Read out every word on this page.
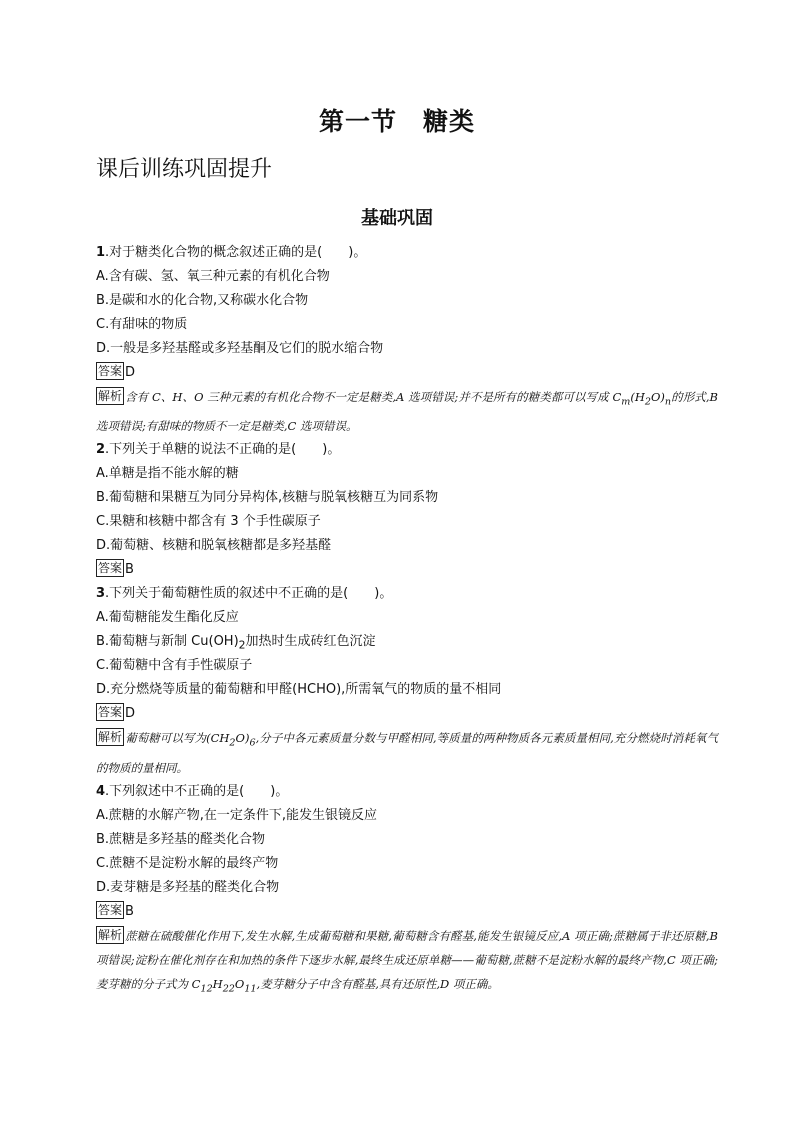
第一节　糖类
课后训练巩固提升
基础巩固
1.对于糖类化合物的概念叙述正确的是(　　)。
A.含有碳、氢、氧三种元素的有机化合物
B.是碳和水的化合物,又称碳水化合物
C.有甜味的物质
D.一般是多羟基醛或多羟基酮及它们的脱水缩合物
答案 D
解析 含有 C、H、O 三种元素的有机化合物不一定是糖类,A 选项错误;并不是所有的糖类都可以写成 $C_m(H_2O)_n$的形式,B 选项错误;有甜味的物质不一定是糖类,C 选项错误。
2.下列关于单糖的说法不正确的是(　　)。
A.单糖是指不能水解的糖
B.葡萄糖和果糖互为同分异构体,核糖与脱氧核糖互为同系物
C.果糖和核糖中都含有 3 个手性碳原子
D.葡萄糖、核糖和脱氧核糖都是多羟基醛
答案 B
3.下列关于葡萄糖性质的叙述中不正确的是(　　)。
A.葡萄糖能发生酯化反应
B.葡萄糖与新制 $Cu(OH)_2$加热时生成砖红色沉淀
C.葡萄糖中含有手性碳原子
D.充分燃烧等质量的葡萄糖和甲醛(HCHO),所需氧气的物质的量不相同
答案 D
解析 葡萄糖可以写为$(CH_2O)_6$,分子中各元素质量分数与甲醛相同,等质量的两种物质各元素质量相同,充分燃烧时消耗氧气的物质的量相同。
4.下列叙述中不正确的是(　　)。
A.蔗糖的水解产物,在一定条件下,能发生银镜反应
B.蔗糖是多羟基的醛类化合物
C.蔗糖不是淀粉水解的最终产物
D.麦芽糖是多羟基的醛类化合物
答案 B
解析 蔗糖在硫酸催化作用下,发生水解,生成葡萄糖和果糖,葡萄糖含有醛基,能发生银镜反应,A 项正确;蔗糖属于非还原糖,B 项错误;淀粉在催化剂存在和加热的条件下逐步水解,最终生成还原单糖——葡萄糖,蔗糖不是淀粉水解的最终产物,C 项正确;麦芽糖的分子式为 $C_{12}H_{22}O_{11}$,麦芽糖分子中含有醛基,具有还原性,D 项正确。
